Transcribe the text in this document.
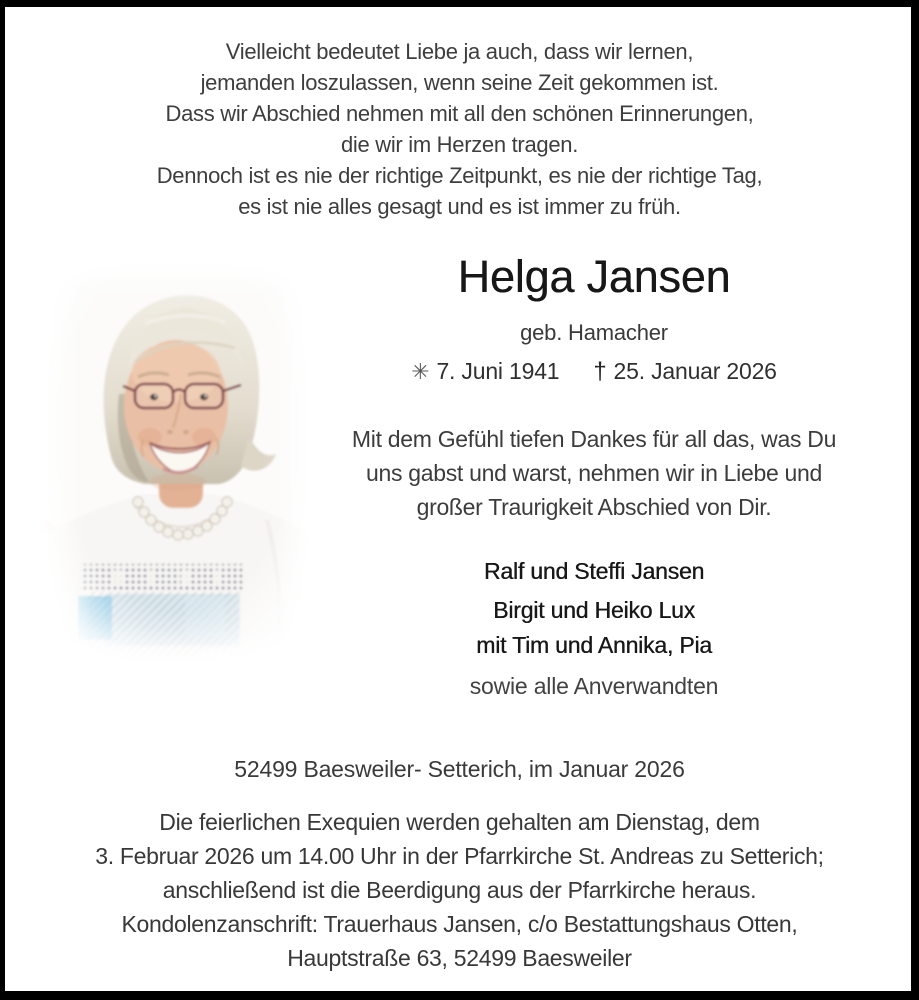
Vielleicht bedeutet Liebe ja auch, dass wir lernen,
jemanden loszulassen, wenn seine Zeit gekommen ist.
Dass wir Abschied nehmen mit all den schönen Erinnerungen,
die wir im Herzen tragen.
Dennoch ist es nie der richtige Zeitpunkt, es nie der richtige Tag,
es ist nie alles gesagt und es ist immer zu früh.
Helga Jansen
geb. Hamacher
✳ 7. Juni 1941 † 25. Januar 2026
Mit dem Gefühl tiefen Dankes für all das, was Du
uns gabst und warst, nehmen wir in Liebe und
großer Traurigkeit Abschied von Dir.
Ralf und Steffi Jansen
Birgit und Heiko Lux
mit Tim und Annika, Pia
sowie alle Anverwandten
52499 Baesweiler- Setterich, im Januar 2026
Die feierlichen Exequien werden gehalten am Dienstag, dem
3. Februar 2026 um 14.00 Uhr in der Pfarrkirche St. Andreas zu Setterich;
anschließend ist die Beerdigung aus der Pfarrkirche heraus.
Kondolenzanschrift: Trauerhaus Jansen, c/o Bestattungshaus Otten,
Hauptstraße 63, 52499 Baesweiler
